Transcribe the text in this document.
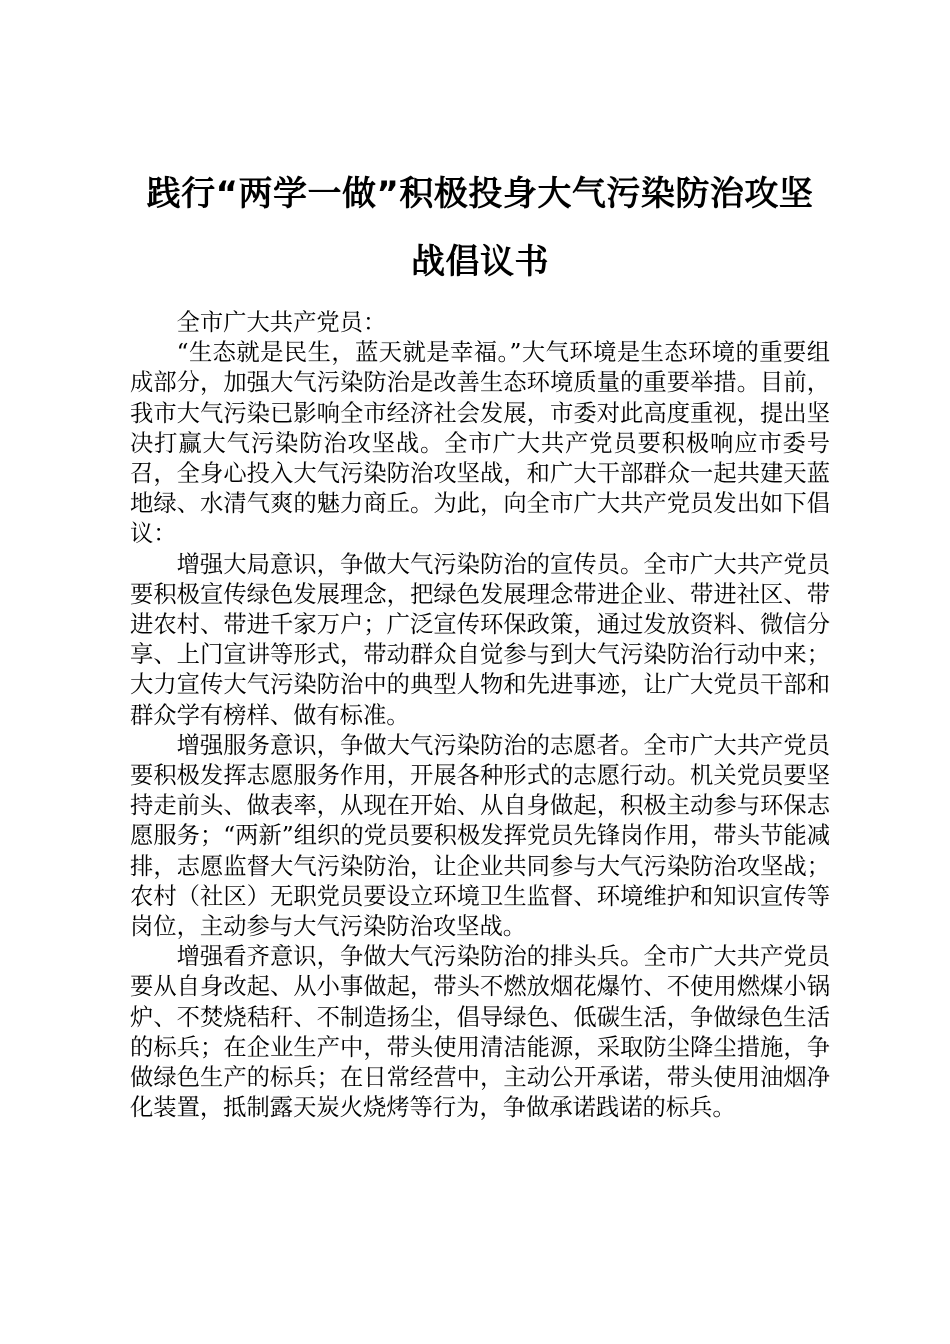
践行“两学一做”积极投身大气污染防治攻坚
战倡议书

全市广大共产党员：

“生态就是民生，蓝天就是幸福。”大气环境是生态环境的重要组成部分，加强大气污染防治是改善生态环境质量的重要举措。目前，我市大气污染已影响全市经济社会发展，市委对此高度重视，提出坚决打赢大气污染防治攻坚战。全市广大共产党员要积极响应市委号召，全身心投入大气污染防治攻坚战，和广大干部群众一起共建天蓝地绿、水清气爽的魅力商丘。为此，向全市广大共产党员发出如下倡议：

增强大局意识，争做大气污染防治的宣传员。全市广大共产党员要积极宣传绿色发展理念，把绿色发展理念带进企业、带进社区、带进农村、带进千家万户；广泛宣传环保政策，通过发放资料、微信分享、上门宣讲等形式，带动群众自觉参与到大气污染防治行动中来；大力宣传大气污染防治中的典型人物和先进事迹，让广大党员干部和群众学有榜样、做有标准。

增强服务意识，争做大气污染防治的志愿者。全市广大共产党员要积极发挥志愿服务作用，开展各种形式的志愿行动。机关党员要坚持走前头、做表率，从现在开始、从自身做起，积极主动参与环保志愿服务；“两新”组织的党员要积极发挥党员先锋岗作用，带头节能减排，志愿监督大气污染防治，让企业共同参与大气污染防治攻坚战；农村（社区）无职党员要设立环境卫生监督、环境维护和知识宣传等岗位，主动参与大气污染防治攻坚战。

增强看齐意识，争做大气污染防治的排头兵。全市广大共产党员要从自身改起、从小事做起，带头不燃放烟花爆竹、不使用燃煤小锅炉、不焚烧秸秆、不制造扬尘，倡导绿色、低碳生活，争做绿色生活的标兵；在企业生产中，带头使用清洁能源，采取防尘降尘措施，争做绿色生产的标兵；在日常经营中，主动公开承诺，带头使用油烟净化装置，抵制露天炭火烧烤等行为，争做承诺践诺的标兵。
